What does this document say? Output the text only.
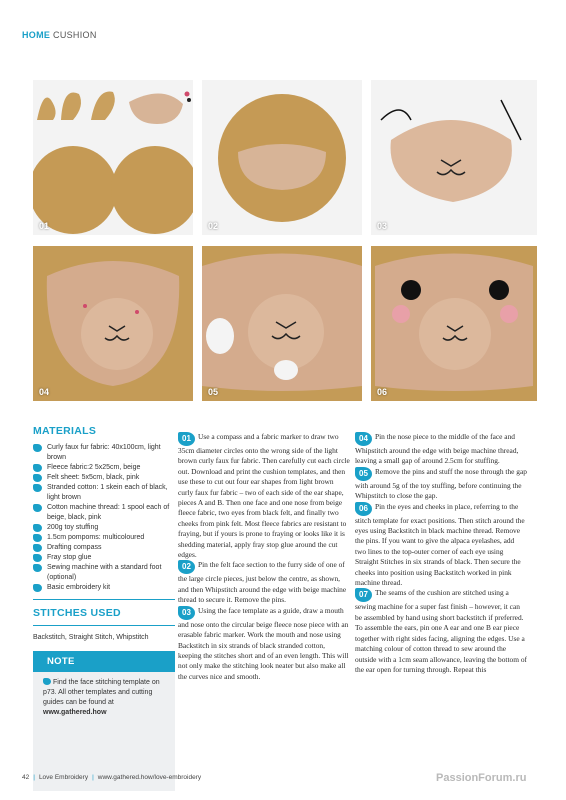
HOME CUSHION
01	02	03
04	05	06
MATERIALS
Curly faux fur fabric: 40x100cm, light brown
Fleece fabric:2 5x25cm, beige
Felt sheet: 5x5cm, black, pink
Stranded cotton: 1 skein each of black, light brown
Cotton machine thread: 1 spool each of beige, black, pink
200g toy stuffing
1.5cm pompoms: multicoloured
Drafting compass
Fray stop glue
Sewing machine with a standard foot (optional)
Basic embroidery kit
STITCHES USED
Backstitch, Straight Stitch, Whipstitch
NOTE
Find the face stitching template on p73. All other templates and cutting guides can be found at www.gathered.how

01 Use a compass and a fabric marker to draw two 35cm diameter circles onto the wrong side of the light brown curly faux fur fabric. Then carefully cut each circle out. Download and print the cushion templates, and then use these to cut out four ear shapes from light brown curly faux fur fabric – two of each side of the ear shape, pieces A and B. Then one face and one nose from beige fleece fabric, two eyes from black felt, and finally two cheeks from pink felt. Most fleece fabrics are resistant to fraying, but if yours is prone to fraying or looks like it is shedding material, apply fray stop glue around the cut edges.

02 Pin the felt face section to the furry side of one of the large circle pieces, just below the centre, as shown, and then Whipstitch around the edge with beige machine thread to secure it. Remove the pins.

03 Using the face template as a guide, draw a mouth and nose onto the circular beige fleece nose piece with an erasable fabric marker. Work the mouth and nose using Backstitch in six strands of black stranded cotton, keeping the stitches short and of an even length. This will not only make the stitching look neater but also make all the curves nice and smooth.

04 Pin the nose piece to the middle of the face and Whipstitch around the edge with beige machine thread, leaving a small gap of around 2.5cm for stuffing.

05 Remove the pins and stuff the nose through the gap with around 5g of the toy stuffing, before continuing the Whipstitch to close the gap.

06 Pin the eyes and cheeks in place, referring to the stitch template for exact positions. Then stitch around the eyes using Backstitch in black machine thread. Remove the pins. If you want to give the alpaca eyelashes, add two lines to the top-outer corner of each eye using Straight Stitches in six strands of black. Then secure the cheeks into position using Backstitch worked in pink machine thread.

07 The seams of the cushion are stitched using a sewing machine for a super fast finish – however, it can be assembled by hand using short backstitch if preferred. To assemble the ears, pin one A ear and one B ear piece together with right sides facing, aligning the edges. Use a matching colour of cotton thread to sew around the outside with a 1cm seam allowance, leaving the bottom of the ear open for turning through. Repeat this

42 | Love Embroidery | www.gathered.how/love-embroidery	PassionForum.ru
